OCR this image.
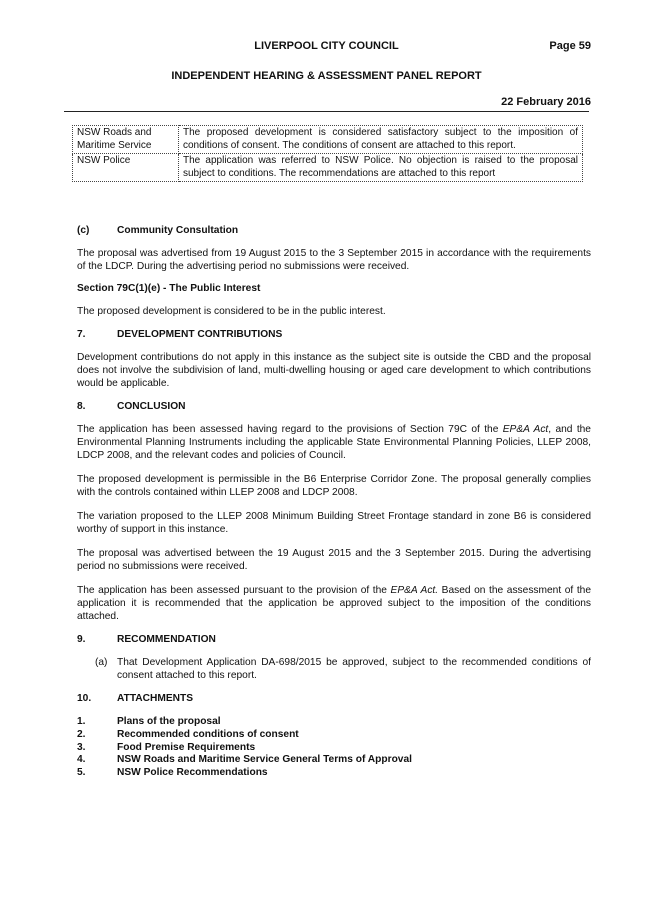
LIVERPOOL CITY COUNCIL	Page 59
INDEPENDENT HEARING & ASSESSMENT PANEL REPORT
22 February 2016
NSW Roads and Maritime Service	The proposed development is considered satisfactory subject to the imposition of conditions of consent. The conditions of consent are attached to this report.
NSW Police	The application was referred to NSW Police. No objection is raised to the proposal subject to conditions. The recommendations are attached to this report

(c)	Community Consultation

The proposal was advertised from 19 August 2015 to the 3 September 2015 in accordance with the requirements of the LDCP. During the advertising period no submissions were received.

Section 79C(1)(e) - The Public Interest

The proposed development is considered to be in the public interest.

7.	DEVELOPMENT CONTRIBUTIONS

Development contributions do not apply in this instance as the subject site is outside the CBD and the proposal does not involve the subdivision of land, multi-dwelling housing or aged care development to which contributions would be applicable.

8.	CONCLUSION

The application has been assessed having regard to the provisions of Section 79C of the EP&A Act, and the Environmental Planning Instruments including the applicable State Environmental Planning Policies, LLEP 2008, LDCP 2008, and the relevant codes and policies of Council.

The proposed development is permissible in the B6 Enterprise Corridor Zone. The proposal generally complies with the controls contained within LLEP 2008 and LDCP 2008.

The variation proposed to the LLEP 2008 Minimum Building Street Frontage standard in zone B6 is considered worthy of support in this instance.

The proposal was advertised between the 19 August 2015 and the 3 September 2015. During the advertising period no submissions were received.

The application has been assessed pursuant to the provision of the EP&A Act. Based on the assessment of the application it is recommended that the application be approved subject to the imposition of the conditions attached.

9.	RECOMMENDATION

(a) That Development Application DA-698/2015 be approved, subject to the recommended conditions of consent attached to this report.

10.	ATTACHMENTS

1.	Plans of the proposal

2.	Recommended conditions of consent

3.	Food Premise Requirements

4.	NSW Roads and Maritime Service General Terms of Approval

5.	NSW Police Recommendations
